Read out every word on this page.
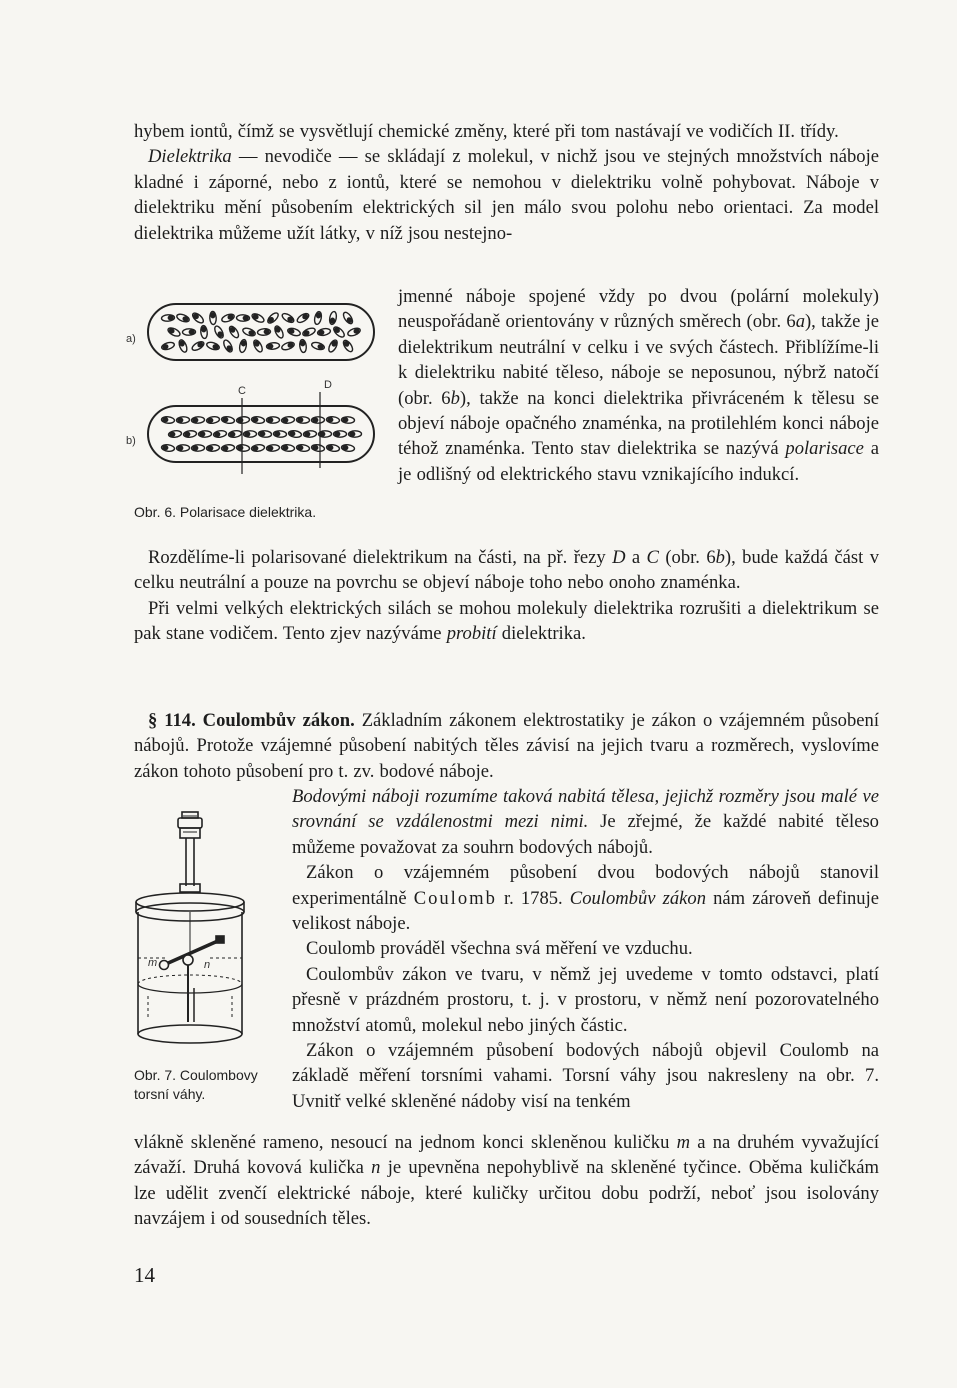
hybem iontů, čímž se vysvětlují chemické změny, které při tom nastávají ve vodičích II. třídy.

Dielektrika — nevodiče — se skládají z molekul, v nichž jsou ve stejných množstvích náboje kladné i záporné, nebo z iontů, které se nemohou v dielektriku volně pohybovat. Náboje v dielektriku mění působením elektrických sil jen málo svou polohu nebo orientaci. Za model dielektrika můžeme užít látky, v níž jsou nestejno-

jmenné náboje spojené vždy po dvou (polární molekuly) neuspořádaně orientovány v různých směrech (obr. 6a), takže je dielektrikum neutrální v celku i ve svých částech. Přiblížíme-li k dielektriku nabité těleso, náboje se neposunou, nýbrž natočí (obr. 6b), takže na konci dielektrika přivráceném k tělesu se objeví náboje opačného znaménka, na protilehlém konci náboje téhož znaménka. Tento stav dielektrika se nazývá polarisace a je odlišný od elektrického stavu vznikajícího indukcí.

a)
C	D
b)
Obr. 6. Polarisace dielektrika.

Rozdělíme-li polarisované dielektrikum na části, na př. řezy D a C (obr. 6b), bude každá část v celku neutrální a pouze na povrchu se objeví náboje toho nebo onoho znaménka.

Při velmi velkých elektrických silách se mohou molekuly dielektrika rozrušiti a dielektrikum se pak stane vodičem. Tento zjev nazýváme probití dielektrika.

§ 114. Coulombův zákon. Základním zákonem elektrostatiky je zákon o vzájemném působení nábojů. Protože vzájemné působení nabitých těles závisí na jejich tvaru a rozměrech, vyslovíme zákon tohoto působení pro t. zv. bodové náboje.

Bodovými náboji rozumíme taková nabitá tělesa, jejichž rozměry jsou malé ve srovnání se vzdálenostmi mezi nimi. Je zřejmé, že každé nabité těleso můžeme považovat za souhrn bodových nábojů.

Zákon o vzájemném působení dvou bodových nábojů stanovil experimentálně Coulomb r. 1785. Coulombův zákon nám zároveň definuje velikost náboje.

Coulomb prováděl všechna svá měření ve vzduchu.

Coulombův zákon ve tvaru, v němž jej uvedeme v tomto odstavci, platí přesně v prázdném prostoru, t. j. v prostoru, v němž není pozorovatelného množství atomů, molekul nebo jiných částic.

Zákon o vzájemném působení bodových nábojů objevil Coulomb na základě měření torsními vahami. Torsní váhy jsou nakresleny na obr. 7. Uvnitř velké skleněné nádoby visí na tenkém

m	n
Obr. 7. Coulombovy torsní váhy.

vlákně skleněné rameno, nesoucí na jednom konci skleněnou kuličku m a na druhém vyvažující závaží. Druhá kovová kulička n je upevněna nepohyblivě na skleněné tyčince. Oběma kuličkám lze udělit zvenčí elektrické náboje, které kuličky určitou dobu podrží, neboť jsou isolovány navzájem i od sousedních těles.

14
